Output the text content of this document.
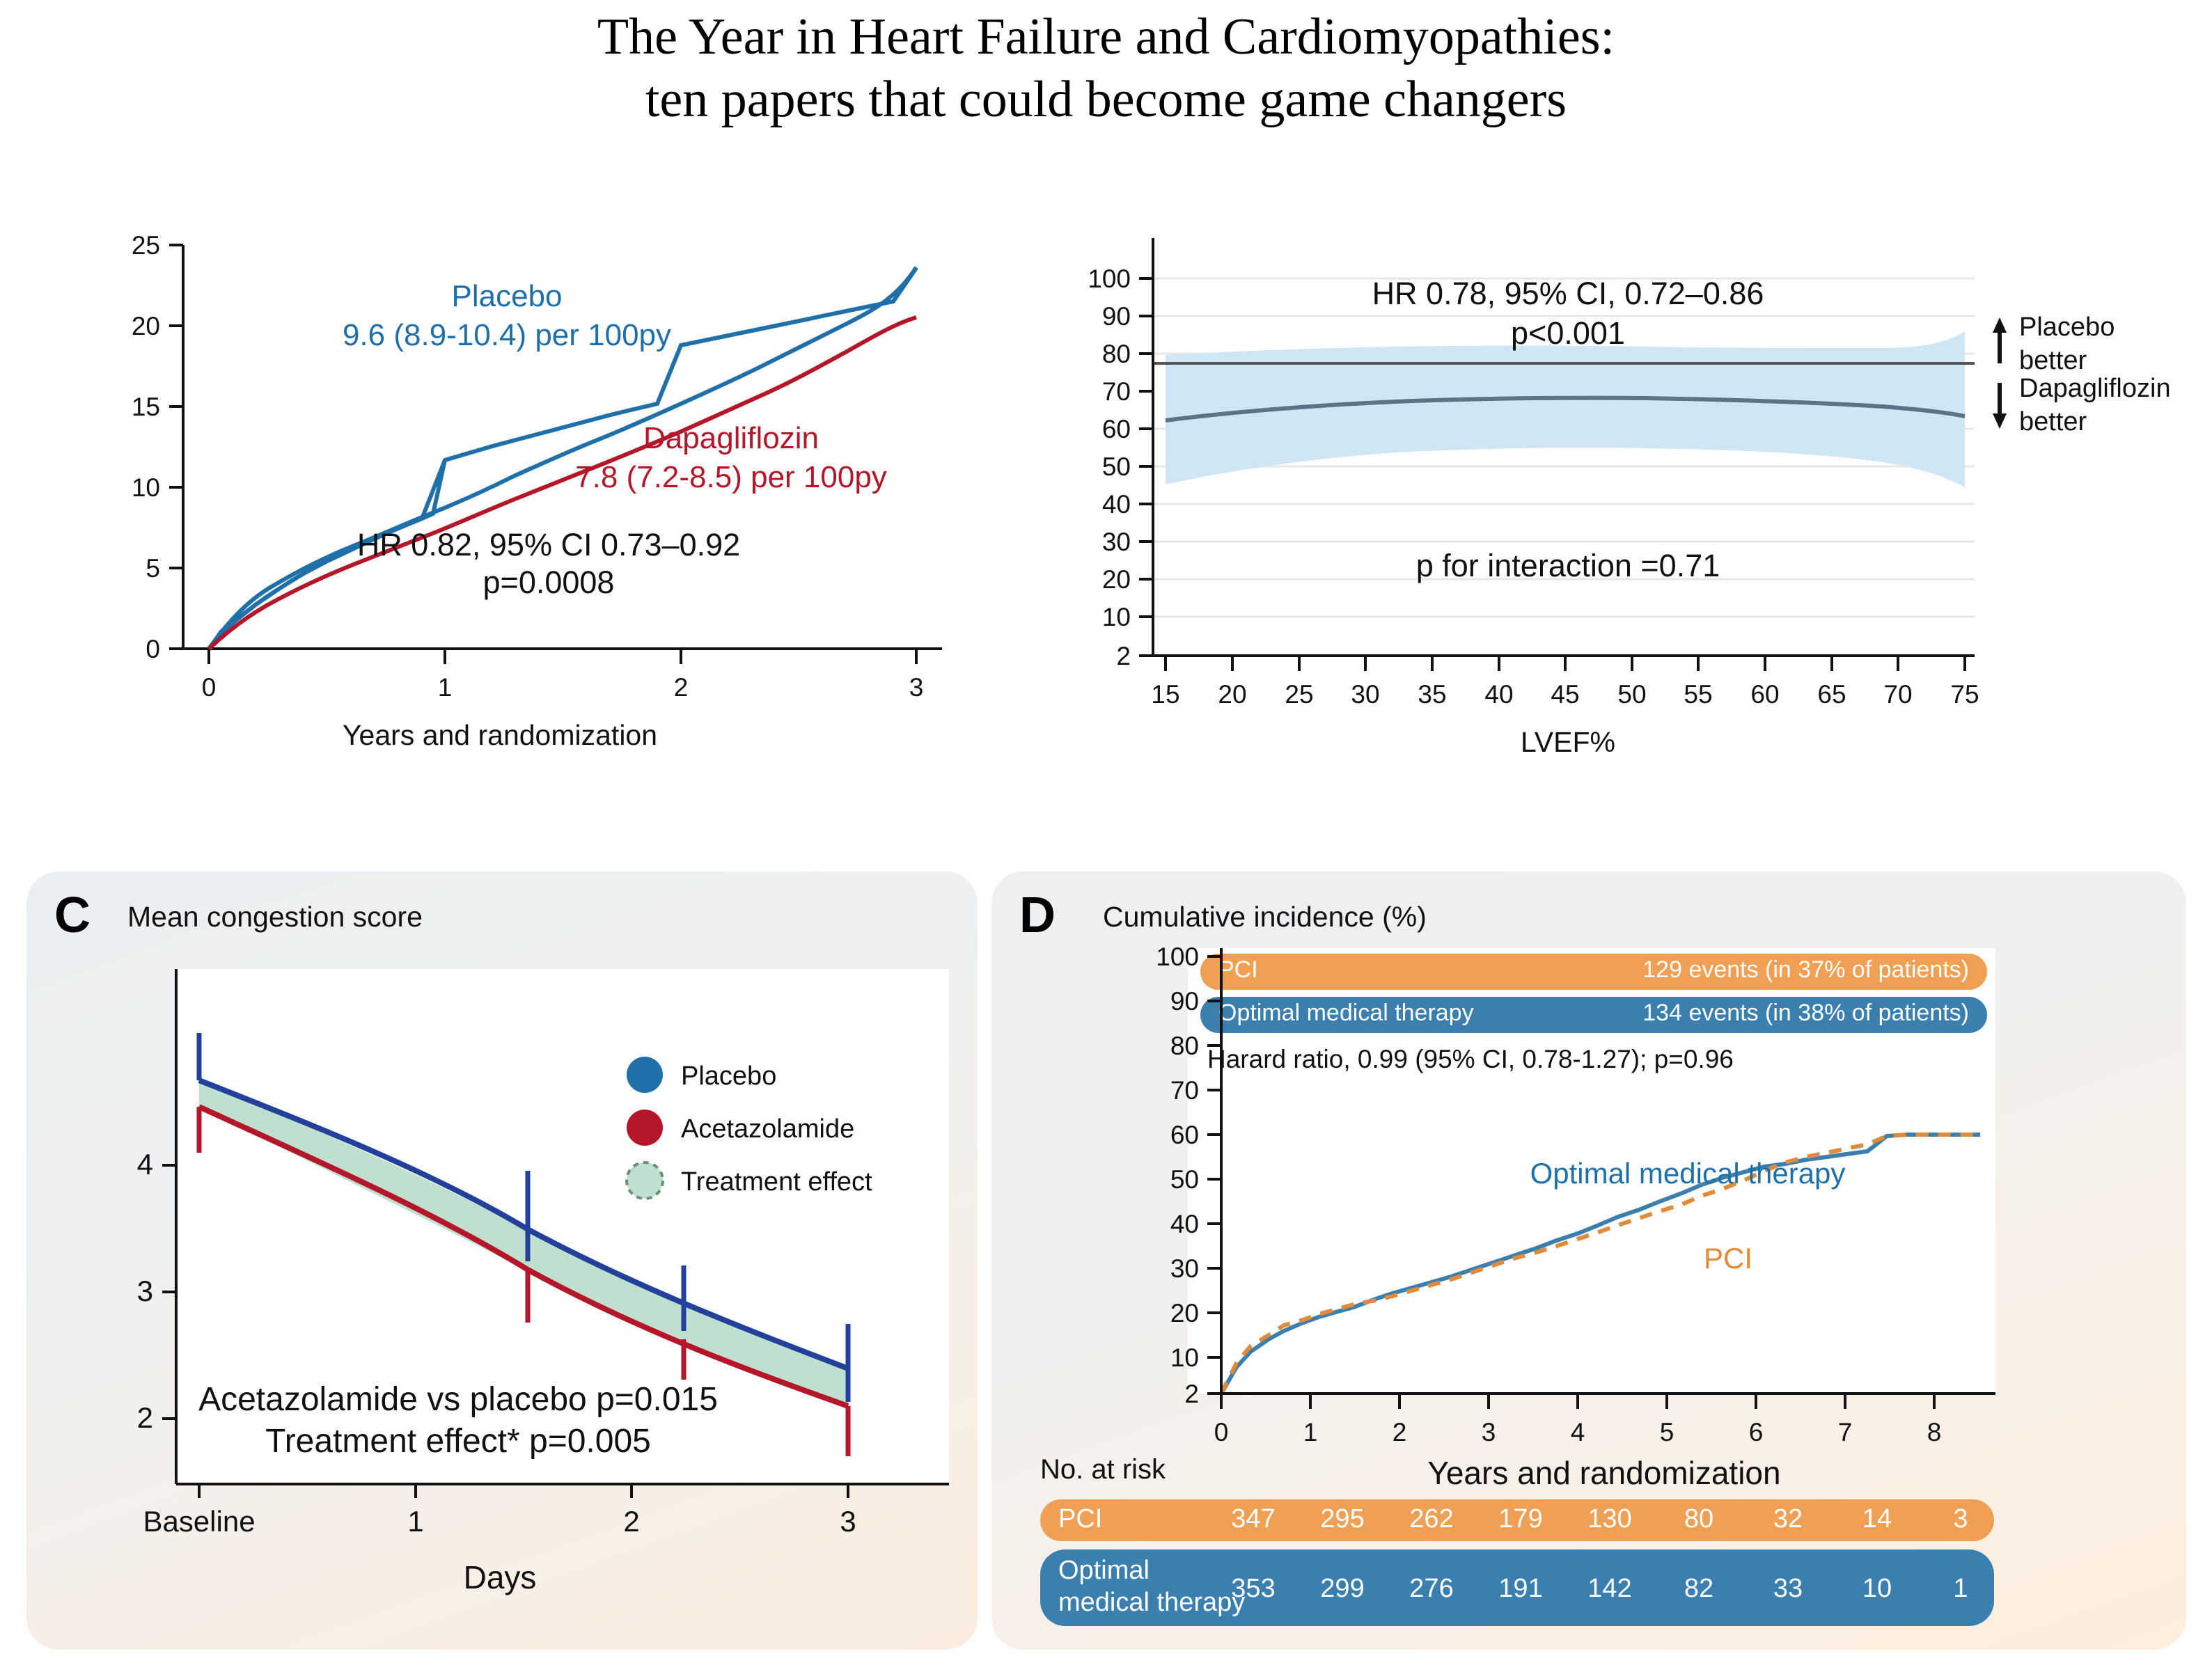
The Year in Heart Failure and Cardiomyopathies:
ten papers that could become game changers
A Cumulative incidence (%)
0
5
10
15
20
25
0	1	2	3
Years and randomization
Placebo
9.6 (8.9-10.4) per 100py
Dapagliflozin
7.8 (7.2-8.5) per 100py
HR 0.82, 95% CI 0.73–0.92
p=0.0008
B Hazard ratio (%)
2
10
20
30
40
50
60
70
80
90
100
15 20 25 30 35 40 45 50 55 60 65 70 75
LVEF%
HR 0.78, 95% CI, 0.72–0.86
p<0.001
p for interaction =0.71
Placebo
better
Dapagliflozin
better
C Mean congestion score
2
3
4
Baseline	1	2	3
Days
Placebo
Acetazolamide
Treatment effect
Acetazolamide vs placebo p=0.015
Treatment effect* p=0.005
D Cumulative incidence (%)
PCI	129 events (in 37% of patients)
Optimal medical therapy	134 events (in 38% of patients)
Harard ratio, 0.99 (95% CI, 0.78-1.27); p=0.96
Optimal medical therapy
PCI
2
10
20
30
40
50
60
70
80
90
100
0	1	2	3	4	5	6	7	8
Years and randomization
No. at risk
PCI	347 295 262 179 130 80 32 14 3
Optimal
medical therapy
353 299 276 191 142 82 33 10 1
